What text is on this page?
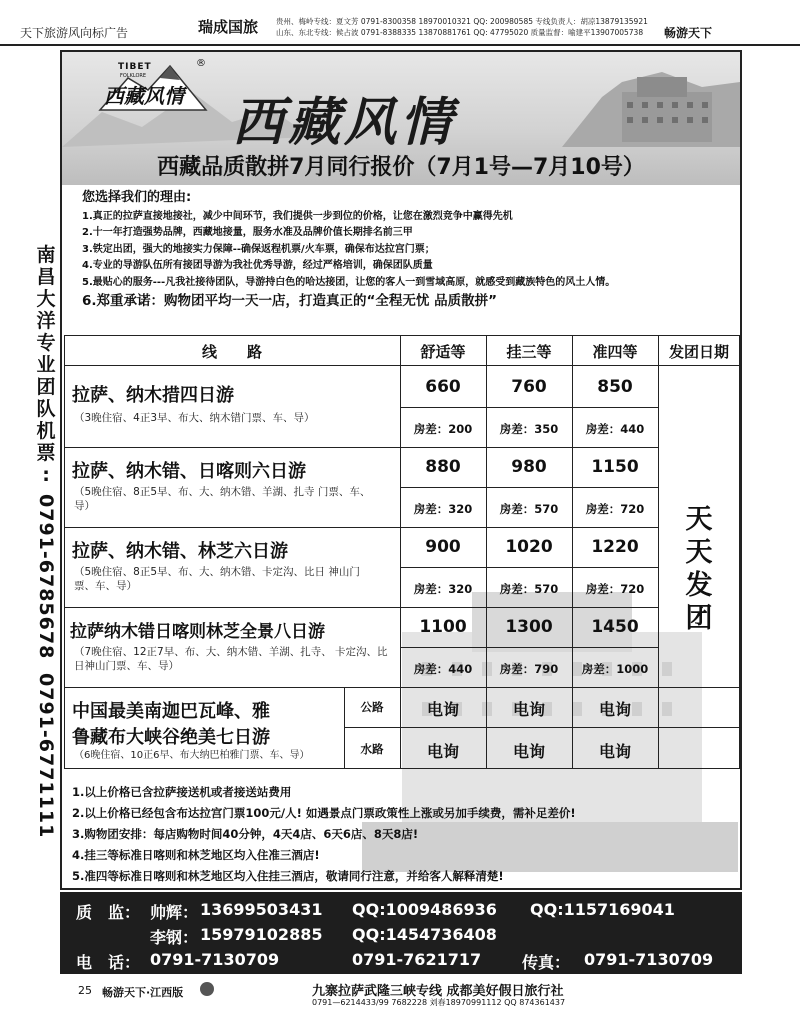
天下旅游风向标广告	瑞成国旅 贵州、梅岭专线：夏文芳 0791-8300358 18970010321 QQ: 200980585 专线负责人：胡凉13879135921
山东、东北专线：候占波 0791-8388335 13870881761 QQ: 47795020 质量监督：喻建平13907005738	畅游天下
南
昌
大
洋
专
业
团
队
机
票
:
0791-6785678
0791-6771111
TIBET
FOLKLORE
®
西藏风情 西藏风情
西藏品质散拼7月同行报价（7月1号—7月10号）
您选择我们的理由:
1.真正的拉萨直接地接社，减少中间环节，我们提供一步到位的价格，让您在激烈竞争中赢得先机
2.十一年打造强势品牌，西藏地接量，服务水准及品牌价值长期排名前三甲
3.铁定出团，强大的地接实力保障--确保返程机票/火车票，确保布达拉宫门票；
4.专业的导游队伍所有接团导游为我社优秀导游，经过严格培训，确保团队质量
5.最贴心的服务---凡我社接待团队，导游持白色的哈达接团，让您的客人一到雪域高原，就感受到藏族特色的风土人情。
6.郑重承诺：购物团平均一天一店，打造真正的“全程无忧 品质散拼”
线　　路	舒适等	挂三等	准四等	发团日期
拉萨、纳木措四日游
（3晚住宿、4正3早、布大、纳木错门票、车、导）
660	760	850
房差：200	房差：350	房差：440
拉萨、纳木错、日喀则六日游
（5晚住宿、8正5早、布、大、纳木错、羊湖、扎寺 门票、车、导）
880	980	1150
房差：320	房差：570	房差：720
拉萨、纳木错、林芝六日游
（5晚住宿、8正5早、布、大、纳木错、卡定沟、比日 神山门票、车、导）
900	1020	1220
房差：320	房差：570	房差：720
拉萨纳木错日喀则林芝全景八日游
（7晚住宿、12正7早、布、大、纳木错、羊湖、扎寺、 卡定沟、比日神山门票、车、导）
1100	1300	1450
房差：440	房差：790	房差：1000
天天发团
中国最美南迦巴瓦峰、雅
鲁藏布大峡谷绝美七日游
（6晚住宿、10正6早、布大纳巴柏雅门票、车、导）
公路
水路
电询	电询	电询
电询	电询	电询
1.以上价格已含拉萨接送机或者接送站费用
2.以上价格已经包含布达拉宫门票100元/人! 如遇景点门票政策性上涨或另加手续费，需补足差价!
3.购物团安排：每店购物时间40分钟，4天4店、6天6店、8天8店!
4.挂三等标准日喀则和林芝地区均入住准三酒店!
5.准四等标准日喀则和林芝地区均入住挂三酒店，敬请同行注意，并给客人解释清楚!
质　监： 帅辉： 13699503431 QQ:1009486936 QQ:1157169041
李钢： 15979102885 QQ:1454736408
电　话： 0791-7130709	0791-7621717	传真： 0791-7130709
25 畅游天下·江西版	九寨拉萨武隆三峡专线 成都美好假日旅行社
0791—6214433/99 7682228 刘春18970991112 QQ 874361437
